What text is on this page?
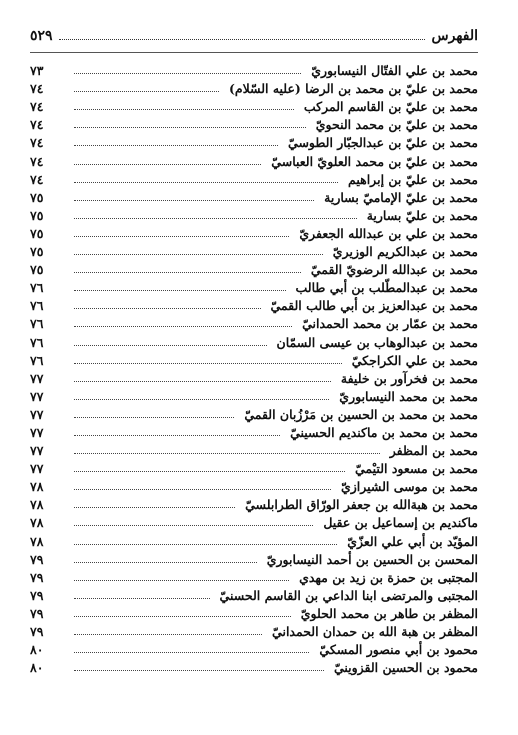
الفهرس
٥٢٩
محمد بن علي الفتّال النيسابوريّ
٧٣
محمد بن عليّ بن محمد بن الرضا (عليه السّلام)
٧٤
محمد بن عليّ بن القاسم المركب
٧٤
محمد بن عليّ بن محمد النحويّ
٧٤
محمد بن عليّ بن عبدالجبّار الطوسيّ
٧٤
محمد بن عليّ بن محمد العلويّ العباسيّ
٧٤
محمد بن عليّ بن إبراهيم
٧٤
محمد بن عليّ الإماميّ بسارية
٧٥
محمد بن عليّ بسارية
٧٥
محمد بن علي بن عبدالله الجعفريّ
٧٥
محمد بن عبدالكريم الوزيريّ
٧٥
محمد بن عبدالله الرضويّ القميّ
٧٥
محمد بن عبدالمطّلب بن أبي طالب
٧٦
محمد بن عبدالعزيز بن أبي طالب القميّ
٧٦
محمد بن عمّار بن محمد الحمدانيّ
٧٦
محمد بن عبدالوهاب بن عيسى السمّان
٧٦
محمد بن علي الكراجكيّ
٧٦
محمد بن فخرآور بن خليفة
٧٧
محمد بن محمد النيسابوريّ
٧٧
محمد بن محمد بن الحسين بن مَرْزُبان القميّ
٧٧
محمد بن محمد بن ماكنديم الحسينيّ
٧٧
محمد بن المظفر
٧٧
محمد بن مسعود التيْميّ
٧٧
محمد بن موسى الشيرازيّ
٧٨
محمد بن هبةالله بن جعفر الورّاق الطرابلسيّ
٧٨
ماكنديم بن إسماعيل بن عقيل
٧٨
المؤيّد بن أبي علي العزّيّ
٧٨
المحسن بن الحسين بن أحمد النيسابوريّ
٧٩
المجتبى بن حمزة بن زيد بن مهدي
٧٩
المجتبى والمرتضى ابنا الداعي بن القاسم الحسنيّ
٧٩
المظفر بن طاهر بن محمد الحلويّ
٧٩
المظفر بن هبة الله بن حمدان الحمدانيّ
٧٩
محمود بن أبي منصور المسكيّ
٨٠
محمود بن الحسين القزوينيّ
٨٠
